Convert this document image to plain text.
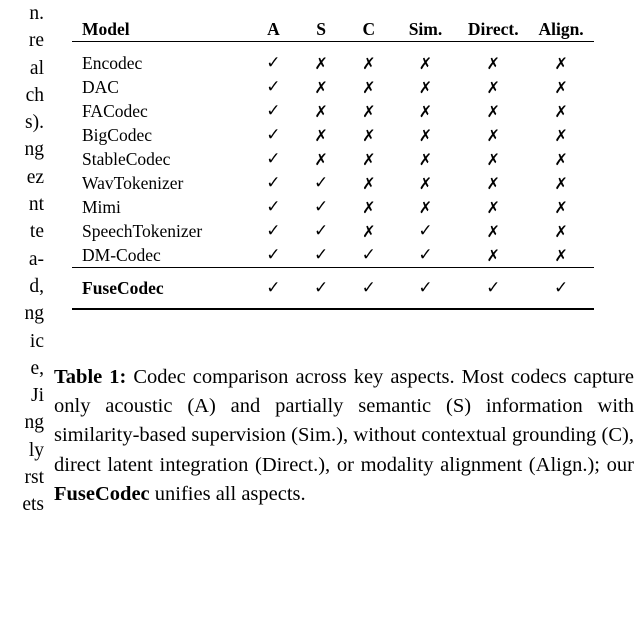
n.
re
al
ch
s).
ng
ez
nt
te
a-
d,
ng
ic
e,
Ji
ng
ly
rst
ets
Model	A	S	C	Sim.	Direct.	Align.
Encodec	✓	✗	✗	✗	✗	✗
DAC	✓	✗	✗	✗	✗	✗
FACodec	✓	✗	✗	✗	✗	✗
BigCodec	✓	✗	✗	✗	✗	✗
StableCodec	✓	✗	✗	✗	✗	✗
WavTokenizer	✓	✓	✗	✗	✗	✗
Mimi	✓	✓	✗	✗	✗	✗
SpeechTokenizer	✓	✓	✗	✓	✗	✗
DM-Codec	✓	✓	✓	✓	✗	✗
FuseCodec	✓	✓	✓	✓	✓	✓
Table 1: Codec comparison across key aspects. Most codecs capture only acoustic (A) and partially semantic (S) information with similarity-based supervision (Sim.), without contextual grounding (C), direct latent integration (Direct.), or modality alignment (Align.); our FuseCodec unifies all aspects.
